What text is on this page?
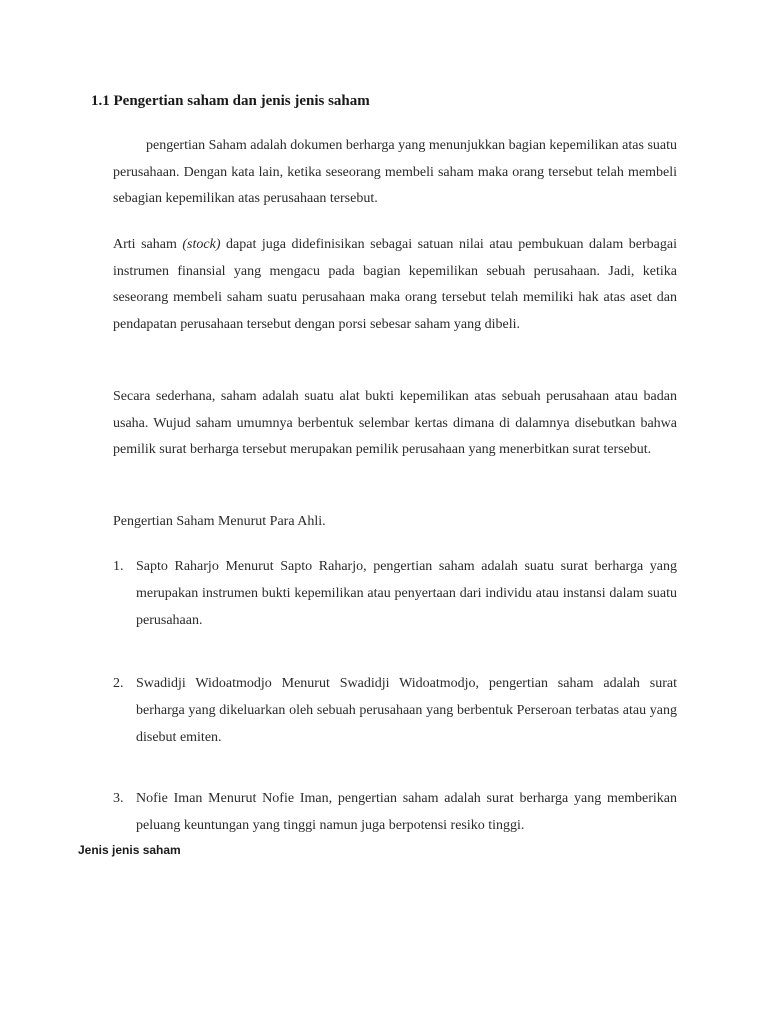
1.1 Pengertian saham dan jenis jenis saham

pengertian Saham adalah dokumen berharga yang menunjukkan bagian kepemilikan atas suatu perusahaan. Dengan kata lain, ketika seseorang membeli saham maka orang tersebut telah membeli sebagian kepemilikan atas perusahaan tersebut.

Arti saham (stock) dapat juga didefinisikan sebagai satuan nilai atau pembukuan dalam berbagai instrumen finansial yang mengacu pada bagian kepemilikan sebuah perusahaan. Jadi, ketika seseorang membeli saham suatu perusahaan maka orang tersebut telah memiliki hak atas aset dan pendapatan perusahaan tersebut dengan porsi sebesar saham yang dibeli.

Secara sederhana, saham adalah suatu alat bukti kepemilikan atas sebuah perusahaan atau badan usaha. Wujud saham umumnya berbentuk selembar kertas dimana di dalamnya disebutkan bahwa pemilik surat berharga tersebut merupakan pemilik perusahaan yang menerbitkan surat tersebut.

Pengertian Saham Menurut Para Ahli.

1. Sapto Raharjo Menurut Sapto Raharjo, pengertian saham adalah suatu surat berharga yang merupakan instrumen bukti kepemilikan atau penyertaan dari individu atau instansi dalam suatu perusahaan.
2. Swadidji Widoatmodjo Menurut Swadidji Widoatmodjo, pengertian saham adalah surat berharga yang dikeluarkan oleh sebuah perusahaan yang berbentuk Perseroan terbatas atau yang disebut emiten.
3. Nofie Iman Menurut Nofie Iman, pengertian saham adalah surat berharga yang memberikan peluang keuntungan yang tinggi namun juga berpotensi resiko tinggi.
Jenis jenis saham
